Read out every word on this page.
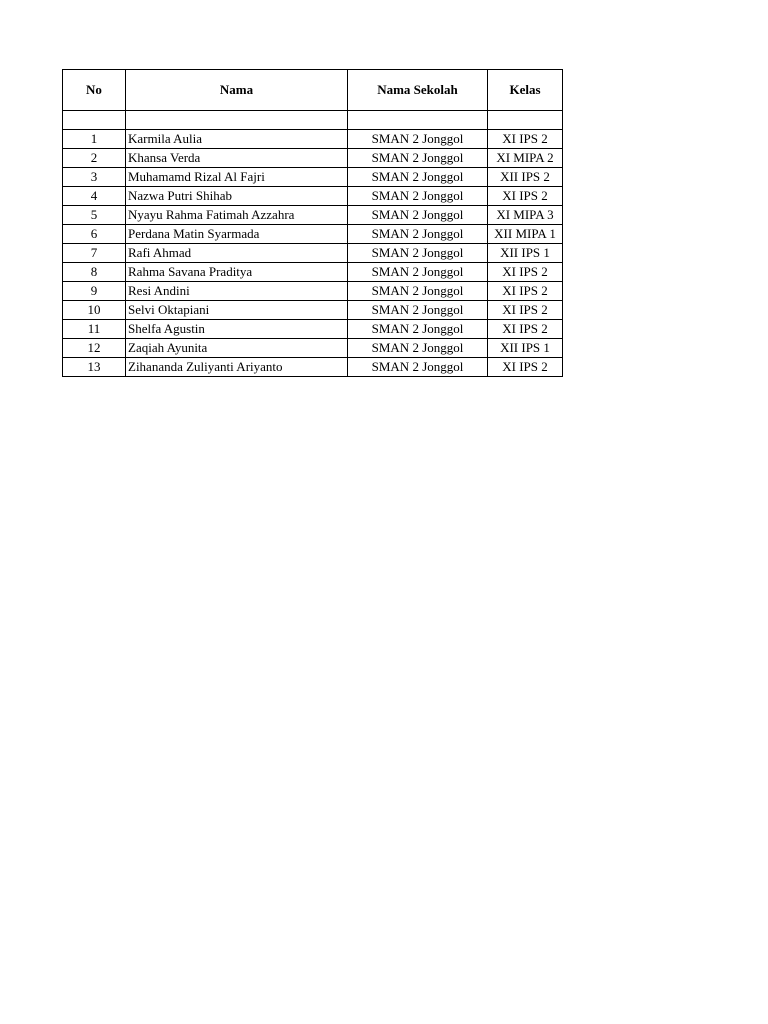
No	Nama	Nama Sekolah	Kelas

1	Karmila Aulia	SMAN 2 Jonggol	XI IPS 2
2	Khansa Verda	SMAN 2 Jonggol	XI MIPA 2
3	Muhamamd Rizal Al Fajri	SMAN 2 Jonggol	XII IPS 2
4	Nazwa Putri Shihab	SMAN 2 Jonggol	XI IPS 2
5	Nyayu Rahma Fatimah Azzahra	SMAN 2 Jonggol	XI MIPA 3
6	Perdana Matin Syarmada	SMAN 2 Jonggol	XII MIPA 1
7	Rafi Ahmad	SMAN 2 Jonggol	XII IPS 1
8	Rahma Savana Praditya	SMAN 2 Jonggol	XI IPS 2
9	Resi Andini	SMAN 2 Jonggol	XI IPS 2
10	Selvi Oktapiani	SMAN 2 Jonggol	XI IPS 2
11	Shelfa Agustin	SMAN 2 Jonggol	XI IPS 2
12	Zaqiah Ayunita	SMAN 2 Jonggol	XII IPS 1
13	Zihananda Zuliyanti Ariyanto	SMAN 2 Jonggol	XI IPS 2
